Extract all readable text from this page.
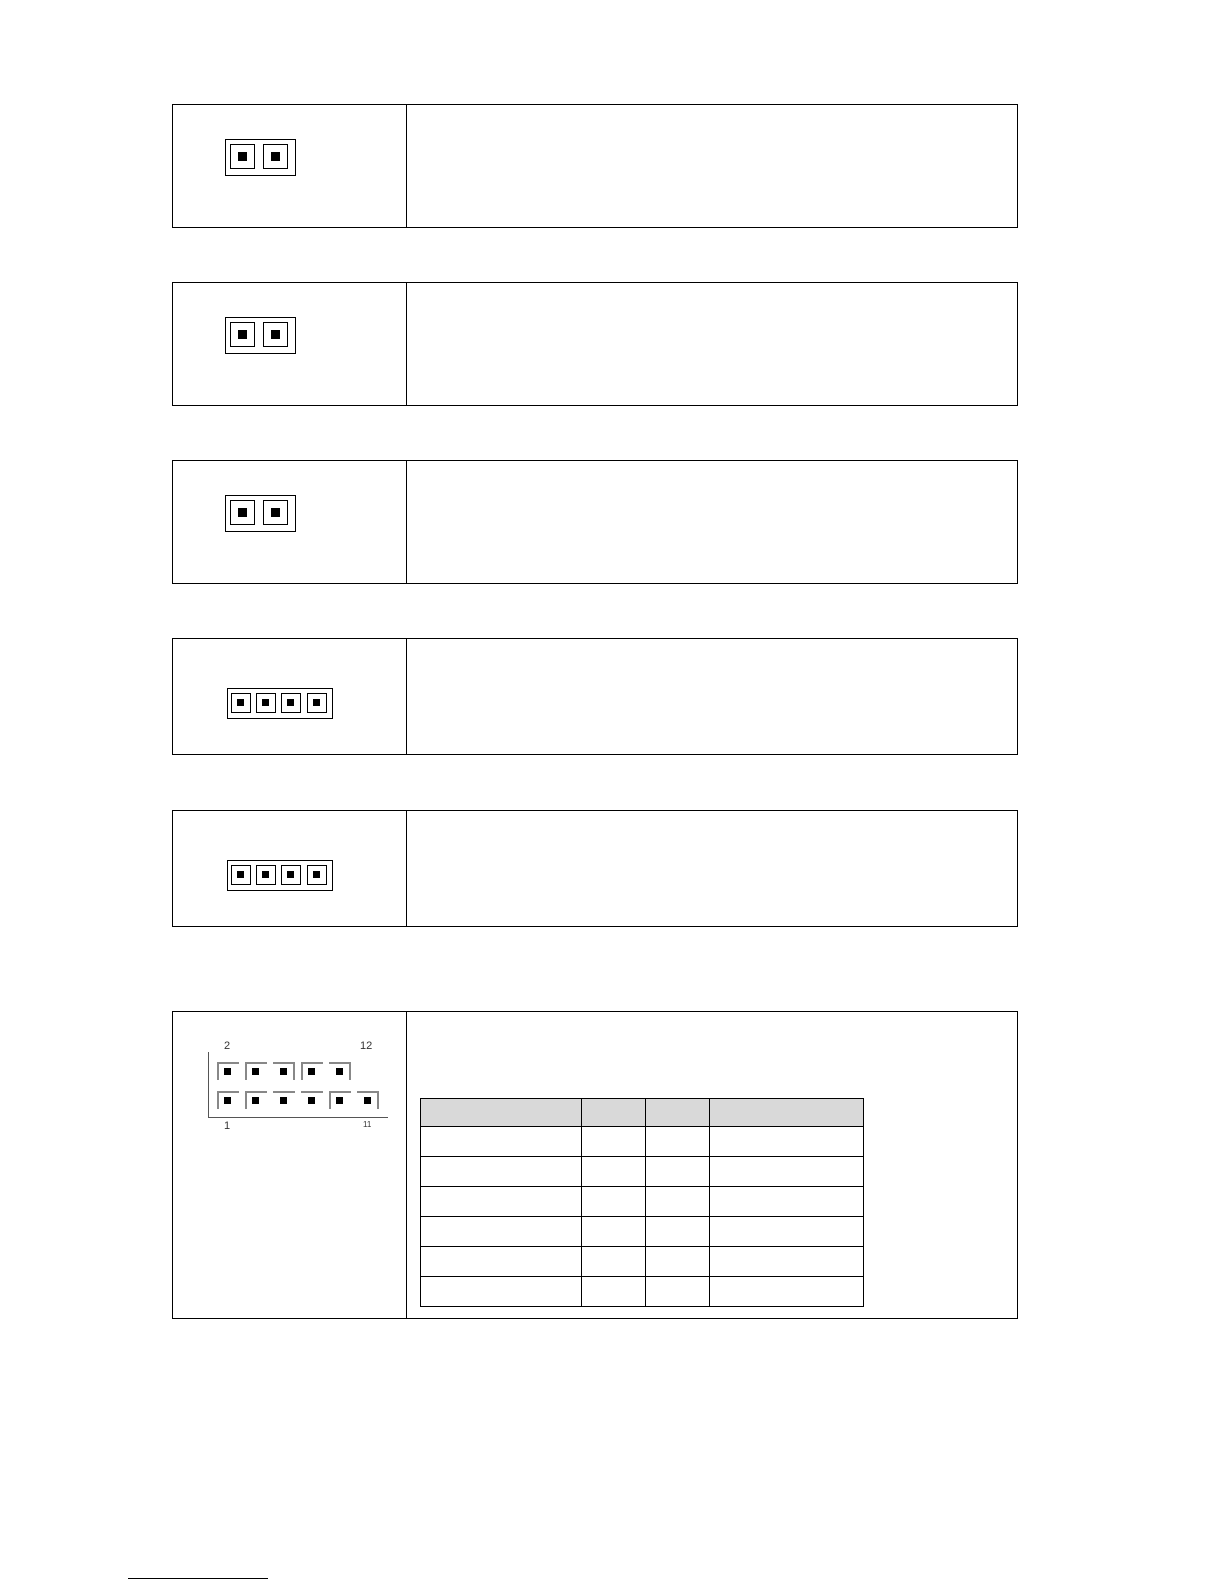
2	12
1	11
